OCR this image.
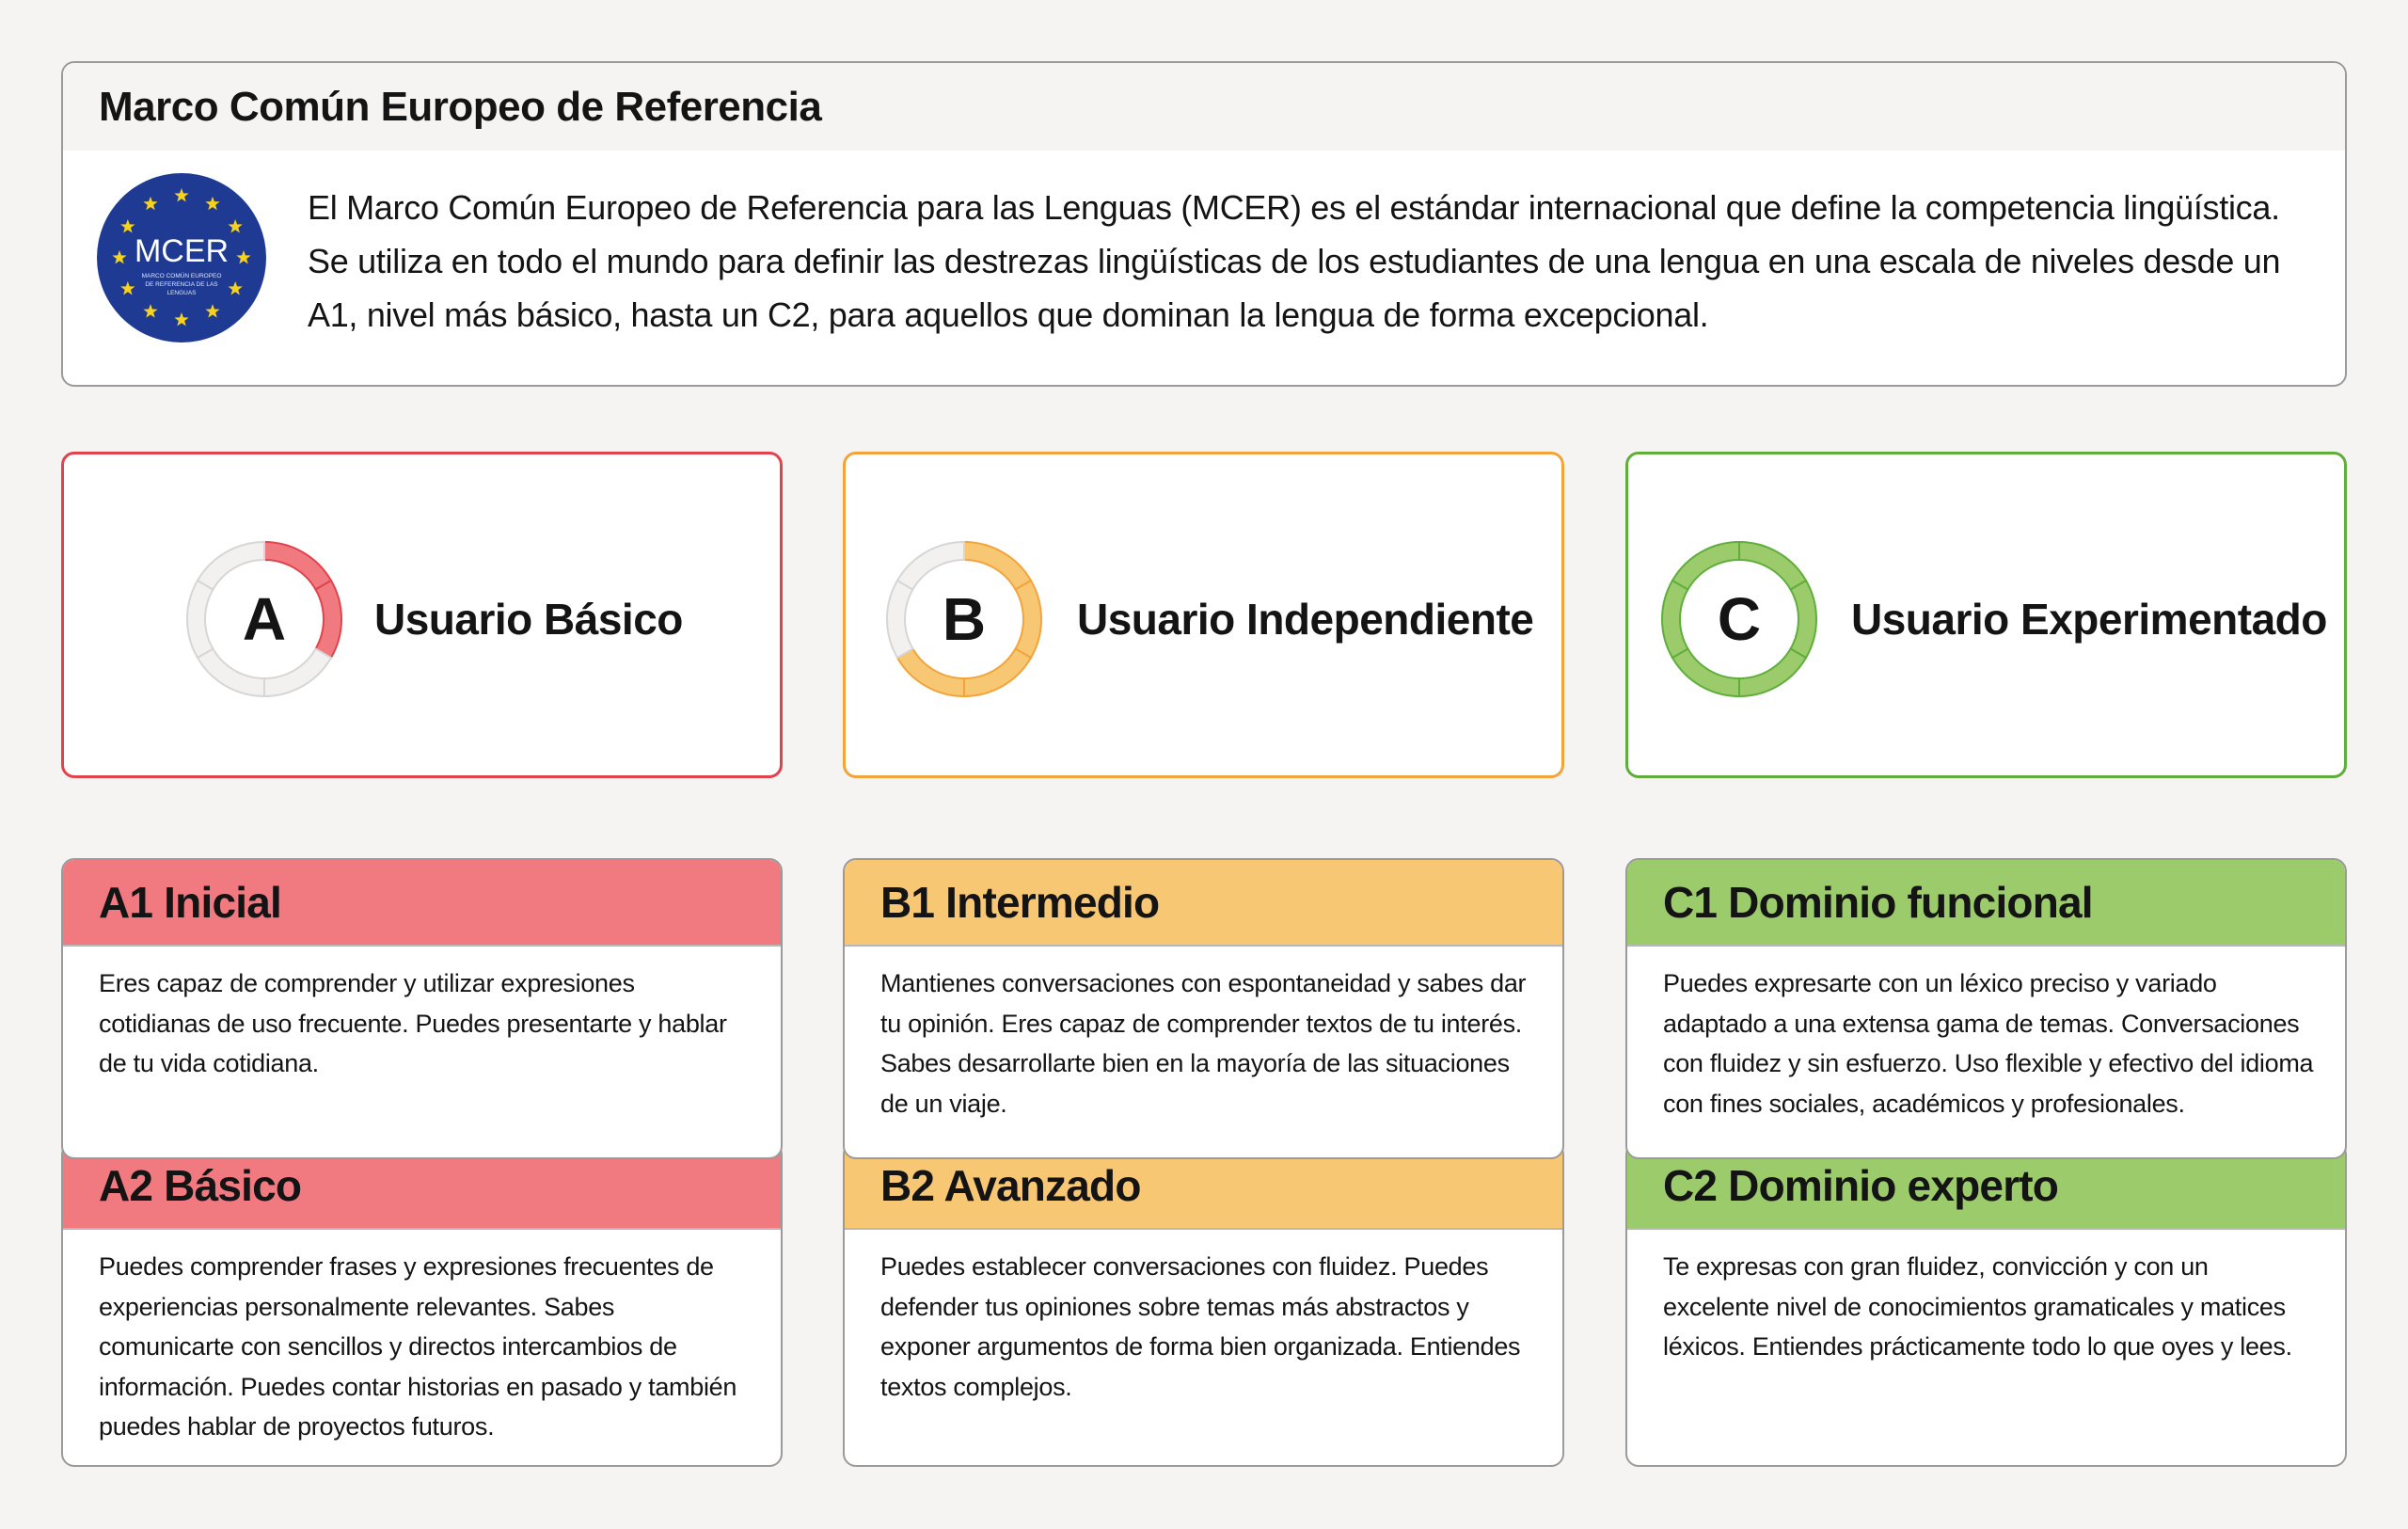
Marco Común Europeo de Referencia
MCER
MARCO COMÚN EUROPEO
DE REFERENCIA DE LAS
LENGUAS
El Marco Común Europeo de Referencia para las Lenguas (MCER) es el estándar internacional que define la competencia lingüística. Se utiliza en todo el mundo para definir las destrezas lingüísticas de los estudiantes de una lengua en una escala de niveles desde un A1, nivel más básico, hasta un C2, para aquellos que dominan la lengua de forma excepcional.
A	Usuario Básico	B	Usuario Independiente	C	Usuario Experimentado
A2 Básico
Puedes comprender frases y expresiones frecuentes de experiencias personalmente relevantes. Sabes comunicarte con sencillos y directos intercambios de información. Puedes contar historias en pasado y también puedes hablar de proyectos futuros.
B2 Avanzado
Puedes establecer conversaciones con fluidez. Puedes defender tus opiniones sobre temas más abstractos y exponer argumentos de forma bien organizada. Entiendes textos complejos.
C2 Dominio experto
Te expresas con gran fluidez, convicción y con un excelente nivel de conocimientos gramaticales y matices léxicos. Entiendes prácticamente todo lo que oyes y lees.
A1 Inicial
Eres capaz de comprender y utilizar expresiones cotidianas de uso frecuente. Puedes presentarte y hablar de tu vida cotidiana.
B1 Intermedio
Mantienes conversaciones con espontaneidad y sabes dar tu opinión. Eres capaz de comprender textos de tu interés. Sabes desarrollarte bien en la mayoría de las situaciones de un viaje.
C1 Dominio funcional
Puedes expresarte con un léxico preciso y variado adaptado a una extensa gama de temas. Conversaciones con fluidez y sin esfuerzo. Uso flexible y efectivo del idioma con fines sociales, académicos y profesionales.
